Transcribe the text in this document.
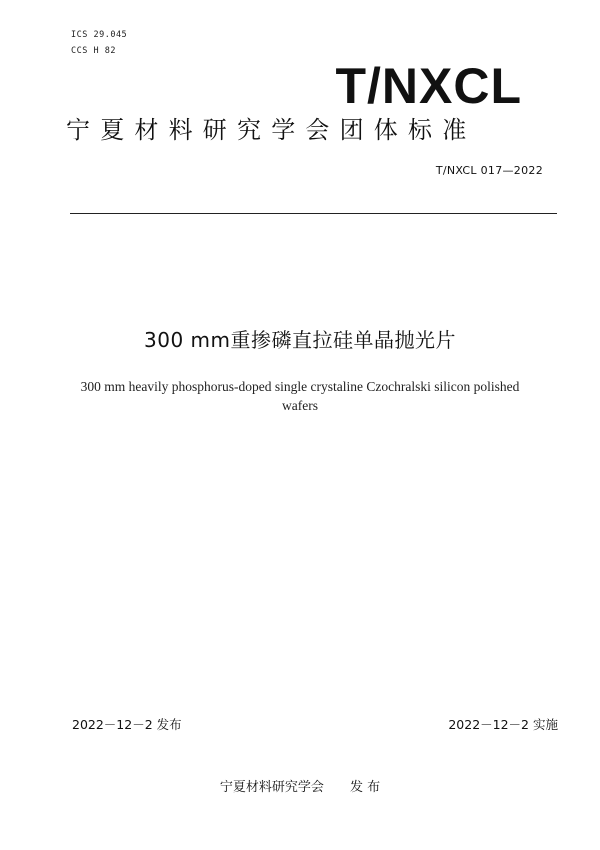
ICS 29.045
CCS H 82
T/NXCL
宁夏材料研究学会团体标准
T/NXCL 017—2022
300 mm重掺磷直拉硅单晶抛光片
300 mm heavily phosphorus-doped single crystaline Czochralski silicon polished wafers
2022－12－2 发布	2022－12－2 实施
宁夏材料研究学会 发 布
